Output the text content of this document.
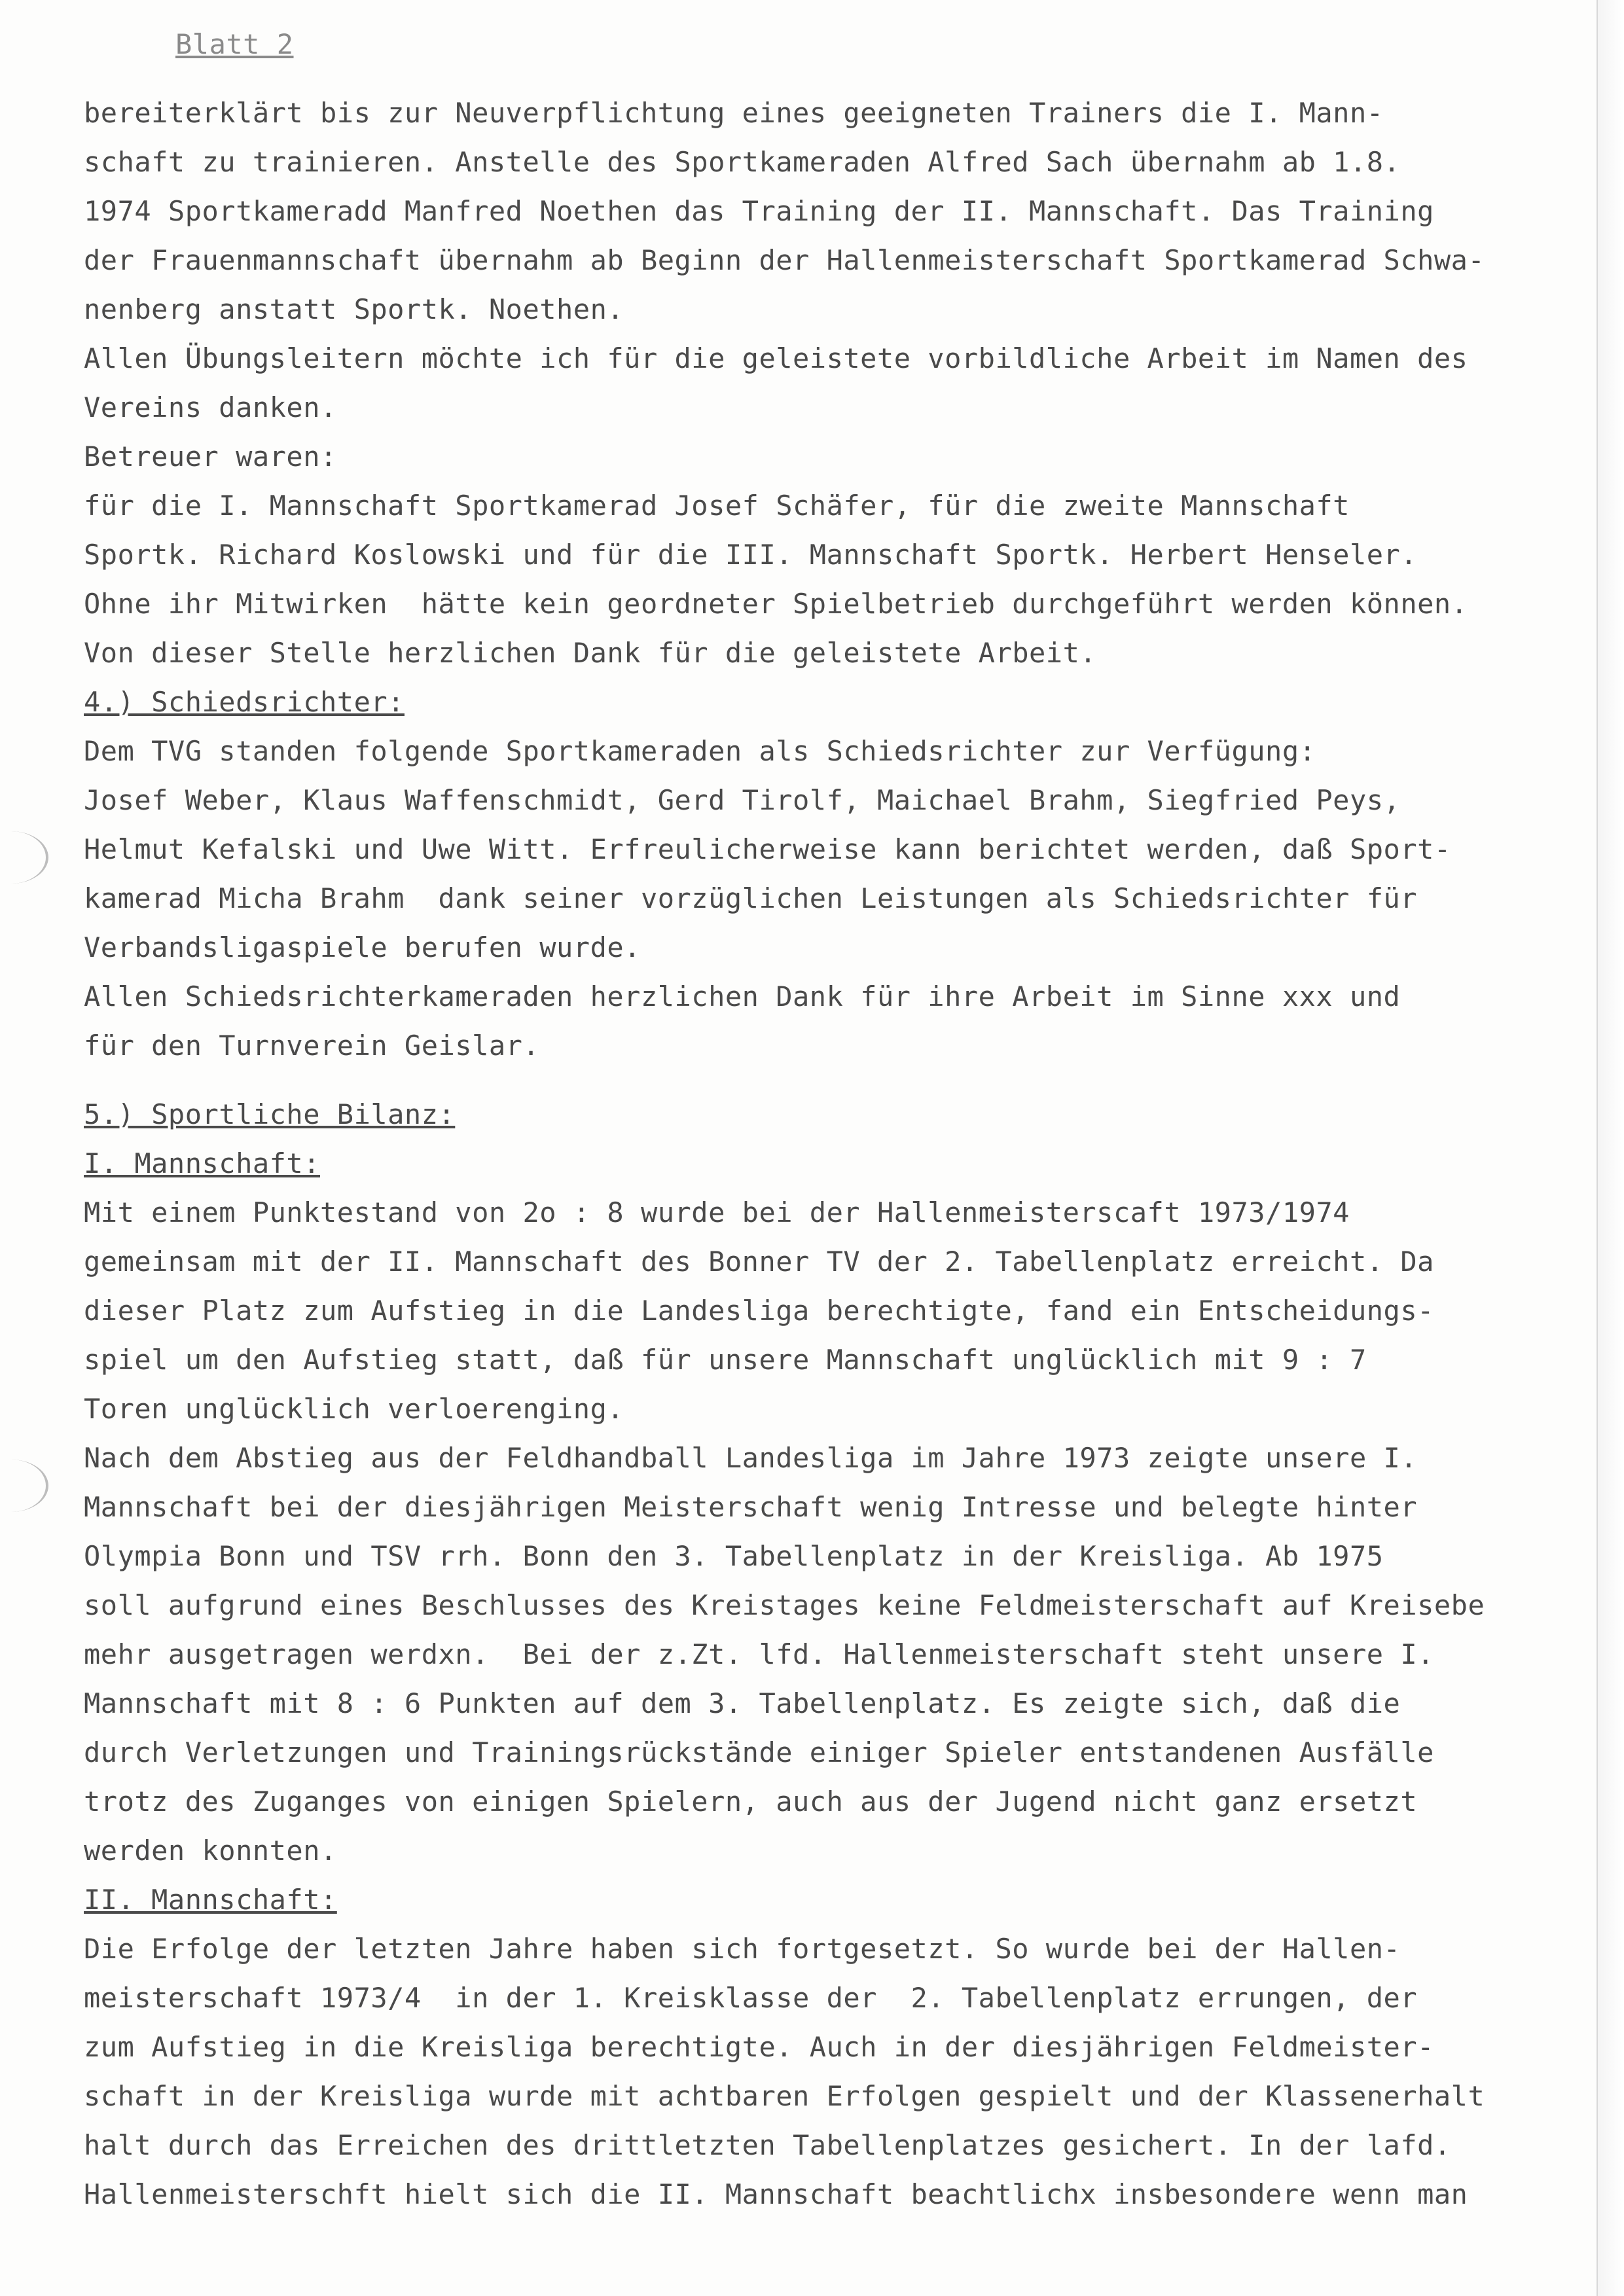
Blatt 2
bereiterklärt bis zur Neuverpflichtung eines geeigneten Trainers die I. Mann-
schaft zu trainieren. Anstelle des Sportkameraden Alfred Sach übernahm ab 1.8.
1974 Sportkameradd Manfred Noethen das Training der II. Mannschaft. Das Training
der Frauenmannschaft übernahm ab Beginn der Hallenmeisterschaft Sportkamerad Schwa-
nenberg anstatt Sportk. Noethen.
Allen Übungsleitern möchte ich für die geleistete vorbildliche Arbeit im Namen des
Vereins danken.
Betreuer waren:
für die I. Mannschaft Sportkamerad Josef Schäfer, für die zweite Mannschaft
Sportk. Richard Koslowski und für die III. Mannschaft Sportk. Herbert Henseler.
Ohne ihr Mitwirken  hätte kein geordneter Spielbetrieb durchgeführt werden können.
Von dieser Stelle herzlichen Dank für die geleistete Arbeit.
4.) Schiedsrichter:
Dem TVG standen folgende Sportkameraden als Schiedsrichter zur Verfügung:
Josef Weber, Klaus Waffenschmidt, Gerd Tirolf, Maichael Brahm, Siegfried Peys,
Helmut Kefalski und Uwe Witt. Erfreulicherweise kann berichtet werden, daß Sport-
kamerad Micha Brahm  dank seiner vorzüglichen Leistungen als Schiedsrichter für
Verbandsligaspiele berufen wurde.
Allen Schiedsrichterkameraden herzlichen Dank für ihre Arbeit im Sinne xxx und
für den Turnverein Geislar.
5.) Sportliche Bilanz:
I. Mannschaft:
Mit einem Punktestand von 2o : 8 wurde bei der Hallenmeisterscaft 1973/1974
gemeinsam mit der II. Mannschaft des Bonner TV der 2. Tabellenplatz erreicht. Da
dieser Platz zum Aufstieg in die Landesliga berechtigte, fand ein Entscheidungs-
spiel um den Aufstieg statt, daß für unsere Mannschaft unglücklich mit 9 : 7
Toren unglücklich verloerenging.
Nach dem Abstieg aus der Feldhandball Landesliga im Jahre 1973 zeigte unsere I.
Mannschaft bei der diesjährigen Meisterschaft wenig Intresse und belegte hinter
Olympia Bonn und TSV rrh. Bonn den 3. Tabellenplatz in der Kreisliga. Ab 1975
soll aufgrund eines Beschlusses des Kreistages keine Feldmeisterschaft auf Kreisebe
mehr ausgetragen werdxn.  Bei der z.Zt. lfd. Hallenmeisterschaft steht unsere I.
Mannschaft mit 8 : 6 Punkten auf dem 3. Tabellenplatz. Es zeigte sich, daß die
durch Verletzungen und Trainingsrückstände einiger Spieler entstandenen Ausfälle
trotz des Zuganges von einigen Spielern, auch aus der Jugend nicht ganz ersetzt
werden konnten.
II. Mannschaft:
Die Erfolge der letzten Jahre haben sich fortgesetzt. So wurde bei der Hallen-
meisterschaft 1973/4  in der 1. Kreisklasse der  2. Tabellenplatz errungen, der
zum Aufstieg in die Kreisliga berechtigte. Auch in der diesjährigen Feldmeister-
schaft in der Kreisliga wurde mit achtbaren Erfolgen gespielt und der Klassenerhalt
halt durch das Erreichen des drittletzten Tabellenplatzes gesichert. In der lafd.
Hallenmeisterschft hielt sich die II. Mannschaft beachtlichx insbesondere wenn man
